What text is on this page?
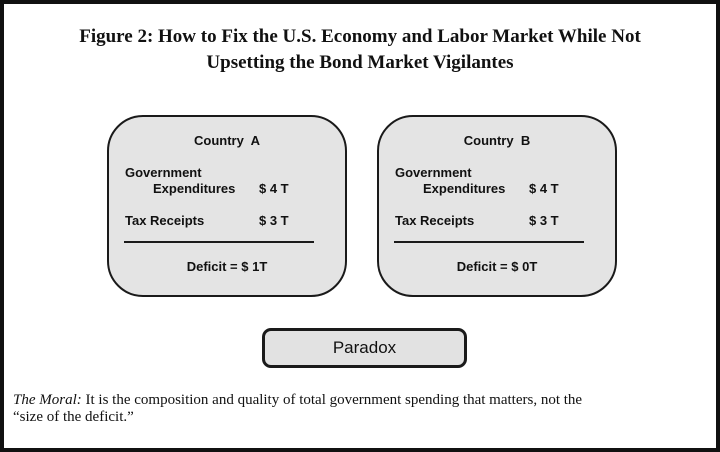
Figure 2: How to Fix the U.S. Economy and Labor Market While Not
Upsetting the Bond Market Vigilantes
Country  A
Government
Expenditures $ 4 T
Tax Receipts	$ 3 T
Deficit = $ 1T
Country  B
Government
Expenditures $ 4 T
Tax Receipts	$ 3 T
Deficit = $ 0T
Paradox
The Moral: It is the composition and quality of total government spending that matters, not the
“size of the deficit.”
